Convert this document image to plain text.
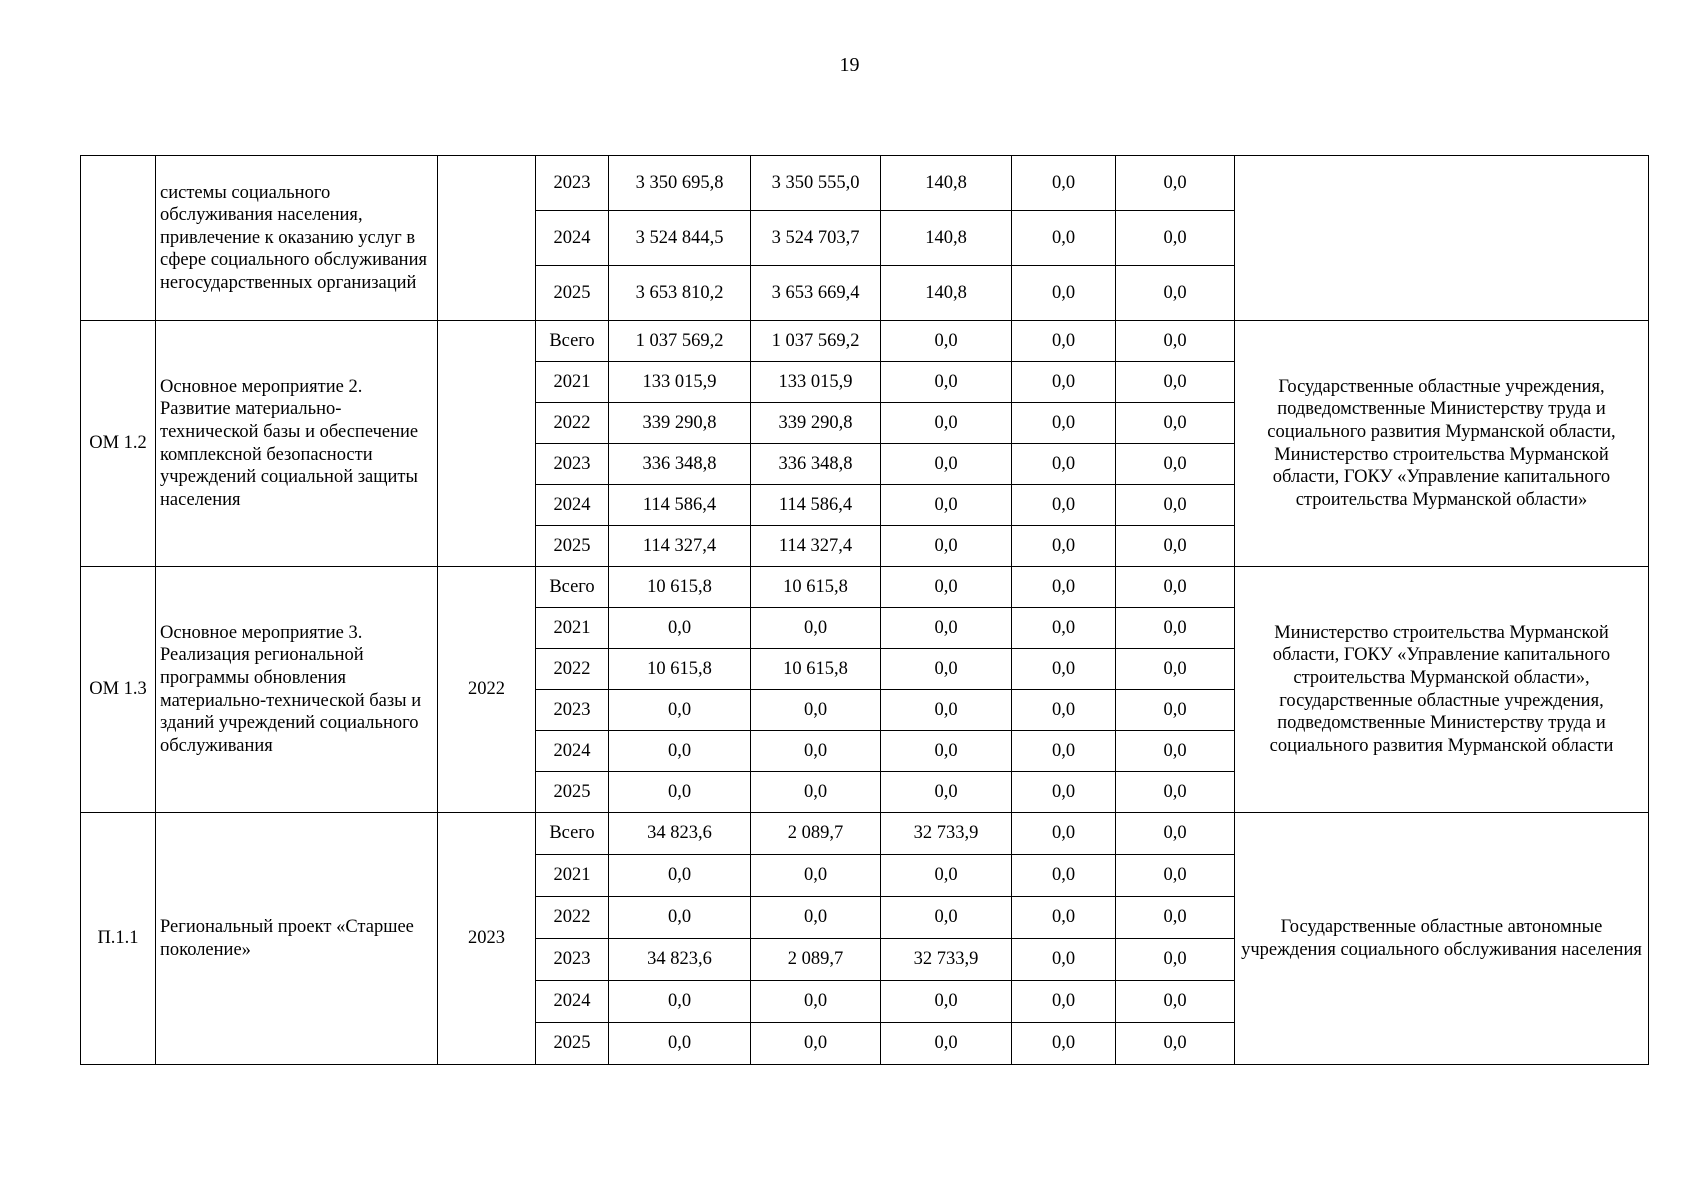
19
	системы социального обслуживания населения, привлечение к оказанию услуг в сфере социального обслуживания негосударственных организаций		2023	3 350 695,8	3 350 555,0	140,8	0,0	0,0	
			2024	3 524 844,5	3 524 703,7	140,8	0,0	0,0	
			2025	3 653 810,2	3 653 669,4	140,8	0,0	0,0	
ОМ 1.2	Основное мероприятие 2. Развитие материально-технической базы и обеспечение комплексной безопасности учреждений социальной защиты населения		Всего	1 037 569,2	1 037 569,2	0,0	0,0	0,0	Государственные областные учреждения, подведомственные Министерству труда и социального развития Мурманской области, Министерство строительства Мурманской области, ГОКУ «Управление капитального строительства Мурманской области»
			2021	133 015,9	133 015,9	0,0	0,0	0,0	
			2022	339 290,8	339 290,8	0,0	0,0	0,0	
			2023	336 348,8	336 348,8	0,0	0,0	0,0	
			2024	114 586,4	114 586,4	0,0	0,0	0,0	
			2025	114 327,4	114 327,4	0,0	0,0	0,0	
ОМ 1.3	Основное мероприятие 3. Реализация региональной программы обновления материально-технической базы и зданий учреждений социального обслуживания	2022	Всего	10 615,8	10 615,8	0,0	0,0	0,0	Министерство строительства Мурманской области, ГОКУ «Управление капитального строительства Мурманской области», государственные областные учреждения, подведомственные Министерству труда и социального развития Мурманской области
			2021	0,0	0,0	0,0	0,0	0,0	
			2022	10 615,8	10 615,8	0,0	0,0	0,0	
			2023	0,0	0,0	0,0	0,0	0,0	
			2024	0,0	0,0	0,0	0,0	0,0	
			2025	0,0	0,0	0,0	0,0	0,0	
П.1.1	Региональный проект «Старшее поколение»	2023	Всего	34 823,6	2 089,7	32 733,9	0,0	0,0	Государственные областные автономные учреждения социального обслуживания населения
			2021	0,0	0,0	0,0	0,0	0,0	
			2022	0,0	0,0	0,0	0,0	0,0	
			2023	34 823,6	2 089,7	32 733,9	0,0	0,0	
			2024	0,0	0,0	0,0	0,0	0,0	
			2025	0,0	0,0	0,0	0,0	0,0	
